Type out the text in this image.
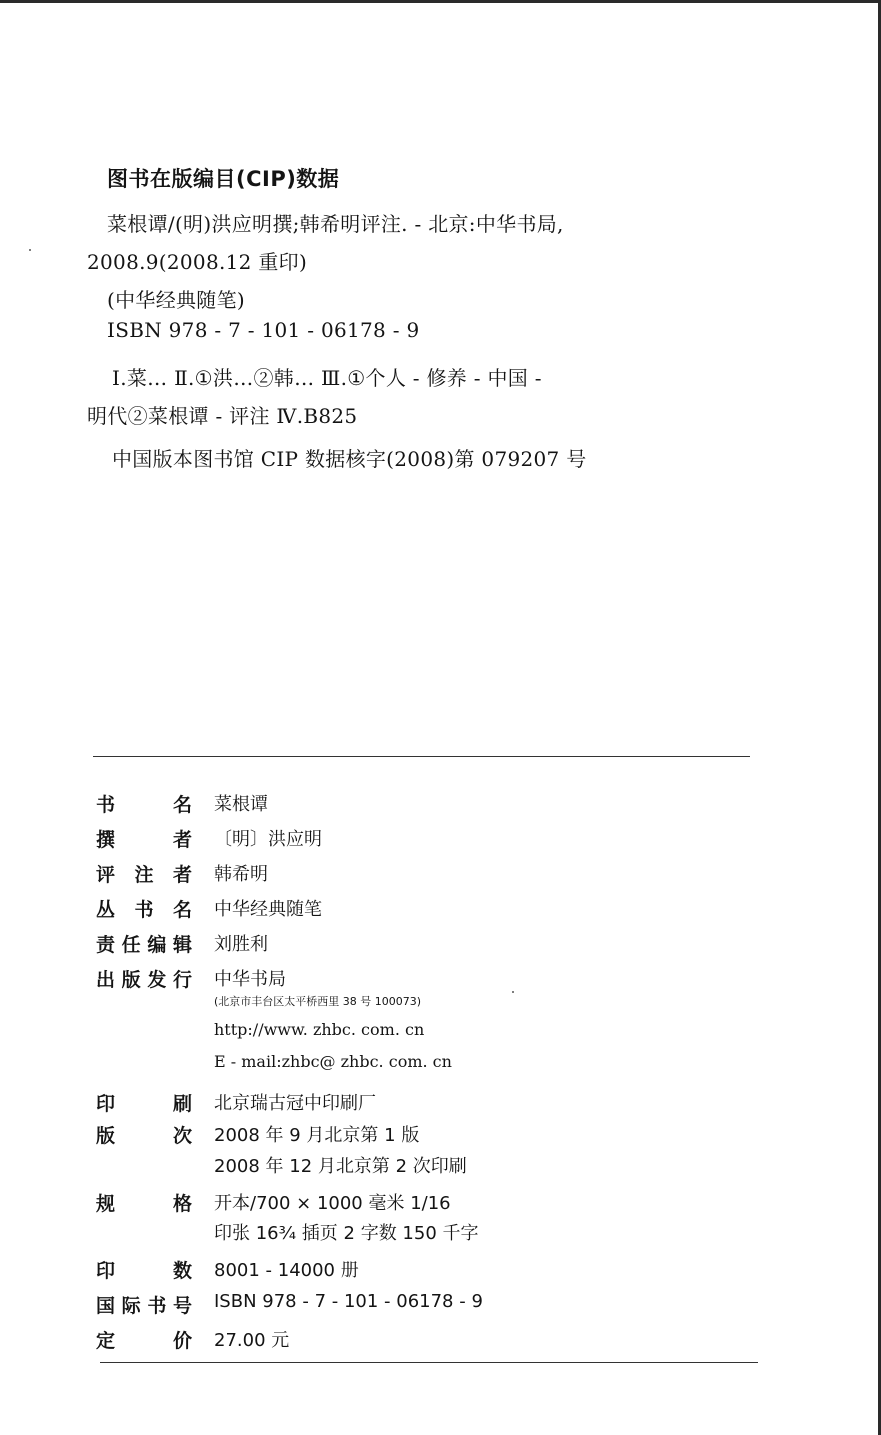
图书在版编目(CIP)数据
菜根谭/(明)洪应明撰;韩希明评注. - 北京:中华书局,
2008.9(2008.12 重印)
(中华经典随笔)
ISBN 978 - 7 - 101 - 06178 - 9
Ⅰ.菜… Ⅱ.①洪…②韩… Ⅲ.①个人 - 修养 - 中国 -
明代②菜根谭 - 评注 Ⅳ.B825
中国版本图书馆 CIP 数据核字(2008)第 079207 号
书	名 菜根谭
撰	者 〔明〕洪应明
评 注 者 韩希明
丛 书 名 中华经典随笔
责 任 编 辑 刘胜利
出 版 发 行 中华书局
(北京市丰台区太平桥西里 38 号 100073)
http://www. zhbc. com. cn
E - mail:zhbc@ zhbc. com. cn
印	刷 北京瑞古冠中印刷厂
版	次 2008 年 9 月北京第 1 版
2008 年 12 月北京第 2 次印刷
规	格 开本/700 × 1000 毫米 1/16
印张 16¾ 插页 2 字数 150 千字
印	数 8001 - 14000 册
国 际 书 号 ISBN 978 - 7 - 101 - 06178 - 9
定	价 27.00 元
